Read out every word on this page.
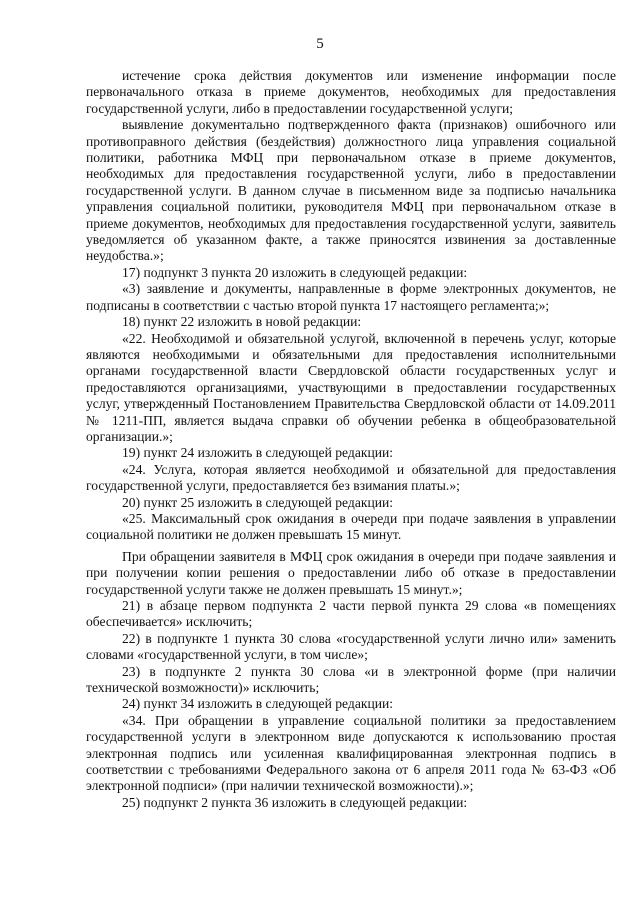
5

истечение срока действия документов или изменение информации после первоначального отказа в приеме документов, необходимых для предоставления государственной услуги, либо в предоставлении государственной услуги;

выявление документально подтвержденного факта (признаков) ошибочного или противоправного действия (бездействия) должностного лица управления социальной политики, работника МФЦ при первоначальном отказе в приеме документов, необходимых для предоставления государственной услуги, либо в предоставлении государственной услуги. В данном случае в письменном виде за подписью начальника управления социальной политики, руководителя МФЦ при первоначальном отказе в приеме документов, необходимых для предоставления государственной услуги, заявитель уведомляется об указанном факте, а также приносятся извинения за доставленные неудобства.»;

17) подпункт 3 пункта 20 изложить в следующей редакции:

«3) заявление и документы, направленные в форме электронных документов, не подписаны в соответствии с частью второй пункта 17 настоящего регламента;»;

18) пункт 22 изложить в новой редакции:

«22. Необходимой и обязательной услугой, включенной в перечень услуг, которые являются необходимыми и обязательными для предоставления исполнительными органами государственной власти Свердловской области государственных услуг и предоставляются организациями, участвующими в предоставлении государственных услуг, утвержденный Постановлением Правительства Свердловской области от 14.09.2011 № 1211-ПП, является выдача справки об обучении ребенка в общеобразовательной организации.»;

19) пункт 24 изложить в следующей редакции:

«24. Услуга, которая является необходимой и обязательной для предоставления государственной услуги, предоставляется без взимания платы.»;

20) пункт 25 изложить в следующей редакции:

«25. Максимальный срок ожидания в очереди при подаче заявления в управлении социальной политики не должен превышать 15 минут.

При обращении заявителя в МФЦ срок ожидания в очереди при подаче заявления и при получении копии решения о предоставлении либо об отказе в предоставлении государственной услуги также не должен превышать 15 минут.»;

21) в абзаце первом подпункта 2 части первой пункта 29 слова «в помещениях обеспечивается» исключить;

22) в подпункте 1 пункта 30 слова «государственной услуги лично или» заменить словами «государственной услуги, в том числе»;

23) в подпункте 2 пункта 30 слова «и в электронной форме (при наличии технической возможности)» исключить;

24) пункт 34 изложить в следующей редакции:

«34. При обращении в управление социальной политики за предоставлением государственной услуги в электронном виде допускаются к использованию простая электронная подпись или усиленная квалифицированная электронная подпись в соответствии с требованиями Федерального закона от 6 апреля 2011 года № 63-ФЗ «Об электронной подписи» (при наличии технической возможности).»;

25) подпункт 2 пункта 36 изложить в следующей редакции:
